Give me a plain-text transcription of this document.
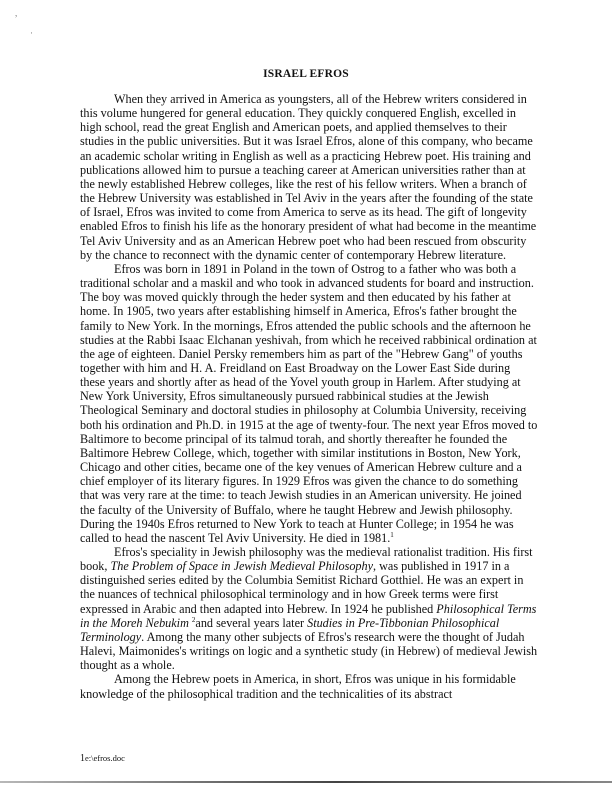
,
·
ISRAEL EFROS

When they arrived in America as youngsters, all of the Hebrew writers considered in this volume hungered for general education. They quickly conquered English, excelled in high school, read the great English and American poets, and applied themselves to their studies in the public universities. But it was Israel Efros, alone of this company, who became an academic scholar writing in English as well as a practicing Hebrew poet. His training and publications allowed him to pursue a teaching career at American universities rather than at the newly established Hebrew colleges, like the rest of his fellow writers. When a branch of the Hebrew University was established in Tel Aviv in the years after the founding of the state of Israel, Efros was invited to come from America to serve as its head. The gift of longevity enabled Efros to finish his life as the honorary president of what had become in the meantime Tel Aviv University and as an American Hebrew poet who had been rescued from obscurity by the chance to reconnect with the dynamic center of contemporary Hebrew literature.

Efros was born in 1891 in Poland in the town of Ostrog to a father who was both a traditional scholar and a maskil and who took in advanced students for board and instruction. The boy was moved quickly through the heder system and then educated by his father at home. In 1905, two years after establishing himself in America, Efros's father brought the family to New York. In the mornings, Efros attended the public schools and the afternoon he studies at the Rabbi Isaac Elchanan yeshivah, from which he received rabbinical ordination at the age of eighteen. Daniel Persky remembers him as part of the "Hebrew Gang" of youths together with him and H. A. Freidland on East Broadway on the Lower East Side during these years and shortly after as head of the Yovel youth group in Harlem. After studying at New York University, Efros simultaneously pursued rabbinical studies at the Jewish Theological Seminary and doctoral studies in philosophy at Columbia University, receiving both his ordination and Ph.D. in 1915 at the age of twenty-four. The next year Efros moved to Baltimore to become principal of its talmud torah, and shortly thereafter he founded the Baltimore Hebrew College, which, together with similar institutions in Boston, New York, Chicago and other cities, became one of the key venues of American Hebrew culture and a chief employer of its literary figures. In 1929 Efros was given the chance to do something that was very rare at the time: to teach Jewish studies in an American university. He joined the faculty of the University of Buffalo, where he taught Hebrew and Jewish philosophy. During the 1940s Efros returned to New York to teach at Hunter College; in 1954 he was called to head the nascent Tel Aviv University. He died in 1981.$^1$

Efros's speciality in Jewish philosophy was the medieval rationalist tradition. His first book, The Problem of Space in Jewish Medieval Philosophy, was published in 1917 in a distinguished series edited by the Columbia Semitist Richard Gotthiel. He was an expert in the nuances of technical philosophical terminology and in how Greek terms were first expressed in Arabic and then adapted into Hebrew. In 1924 he published Philosophical Terms in the Moreh Nebukim $^2$and several years later Studies in Pre-Tibbonian Philosophical Terminology. Among the many other subjects of Efros's research were the thought of Judah Halevi, Maimonides's writings on logic and a synthetic study (in Hebrew) of medieval Jewish thought as a whole.

Among the Hebrew poets in America, in short, Efros was unique in his formidable knowledge of the philosophical tradition and the technicalities of its abstract

1e:\efros.doc
